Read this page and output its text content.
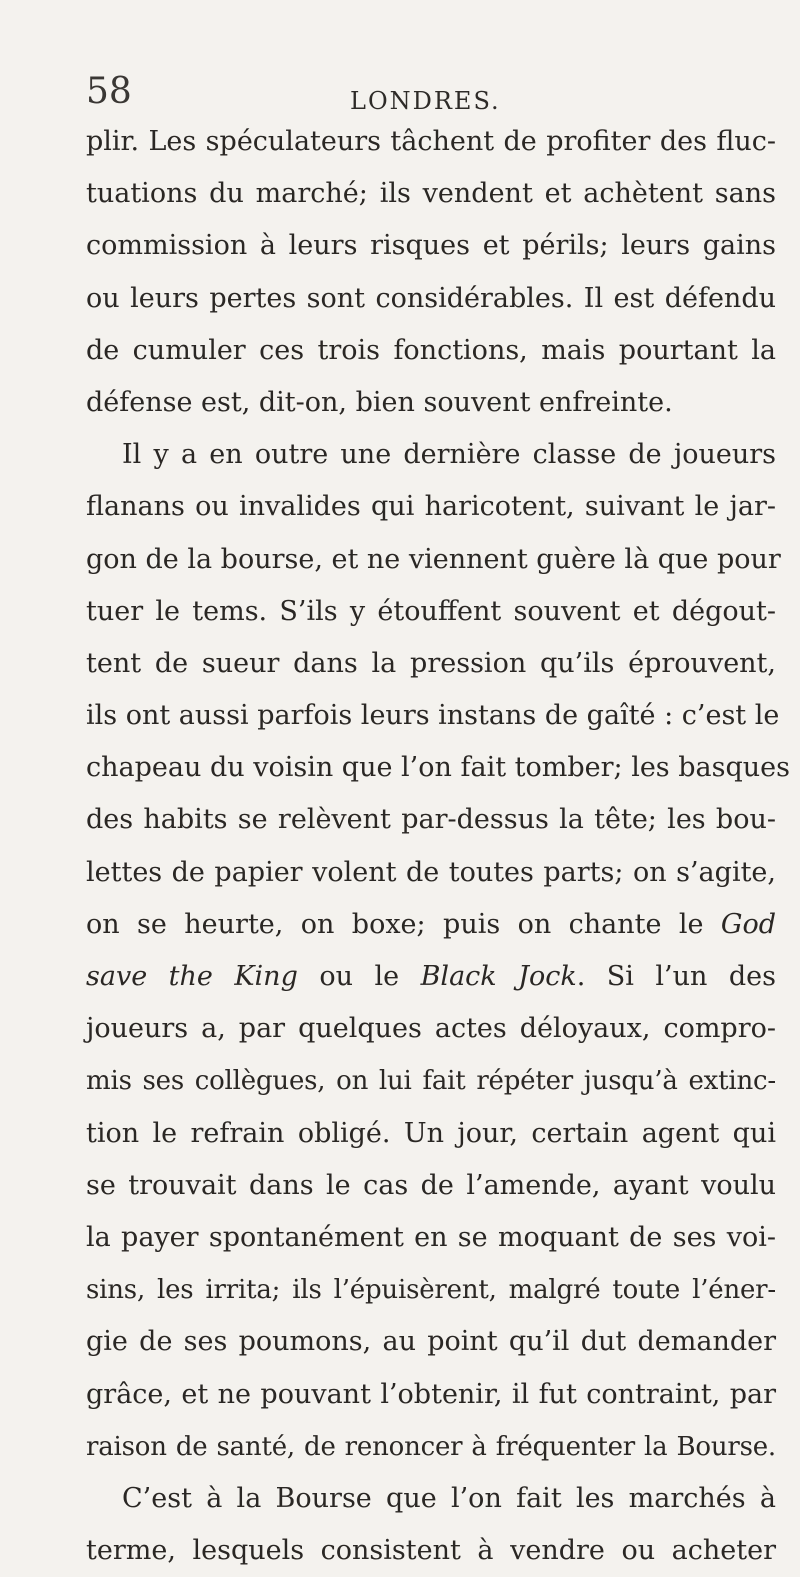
58	LONDRES.
plir. Les spéculateurs tâchent de profiter des fluc-
tuations du marché; ils vendent et achètent sans
commission à leurs risques et périls; leurs gains
ou leurs pertes sont considérables. Il est défendu
de cumuler ces trois fonctions, mais pourtant la
défense est, dit-on, bien souvent enfreinte.
Il y a en outre une dernière classe de joueurs
flanans ou invalides qui haricotent, suivant le jar-
gon de la bourse, et ne viennent guère là que pour
tuer le tems. S’ils y étouffent souvent et dégout-
tent de sueur dans la pression qu’ils éprouvent,
ils ont aussi parfois leurs instans de gaîté : c’est le
chapeau du voisin que l’on fait tomber; les basques
des habits se relèvent par-dessus la tête; les bou-
lettes de papier volent de toutes parts; on s’agite,
on se heurte, on boxe; puis on chante le God
save the King ou le Black Jock. Si l’un des
joueurs a, par quelques actes déloyaux, compro-
mis ses collègues, on lui fait répéter jusqu’à extinc-
tion le refrain obligé. Un jour, certain agent qui
se trouvait dans le cas de l’amende, ayant voulu
la payer spontanément en se moquant de ses voi-
sins, les irrita; ils l’épuisèrent, malgré toute l’éner-
gie de ses poumons, au point qu’il dut demander
grâce, et ne pouvant l’obtenir, il fut contraint, par
raison de santé, de renoncer à fréquenter la Bourse.
C’est à la Bourse que l’on fait les marchés à
terme, lesquels consistent à vendre ou acheter
